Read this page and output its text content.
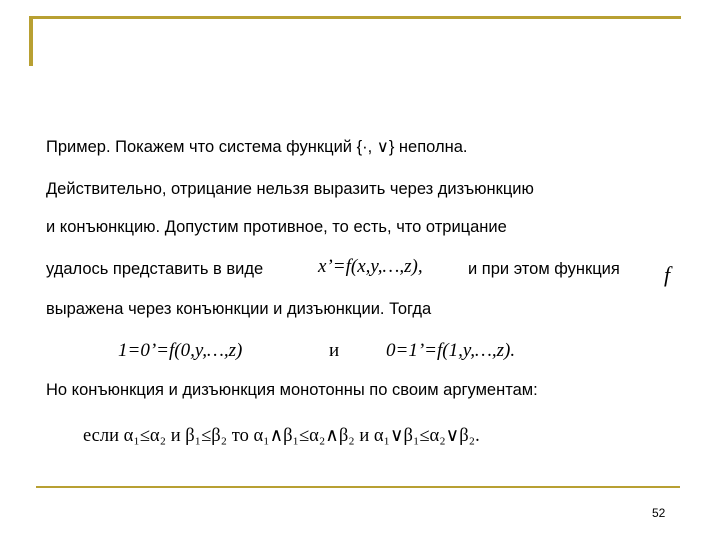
Пример. Покажем что система функций {·, ∨} неполна.
Действительно, отрицание нельзя выразить через дизъюнкцию
и конъюнкцию. Допустим противное, то есть, что отрицание
удалось представить в виде	x’=f(x,y,…,z),	и при этом функция f
выражена через конъюнкции и дизъюнкции. Тогда
1=0’=f(0,y,…,z)	и 0=1’=f(1,y,…,z).
Но конъюнкция и дизъюнкция монотонны по своим аргументам:
если α₁≤α₂ и β₁≤β₂ то α₁∧β₁≤α₂∧β₂ и α₁∨β₁≤α₂∨β₂.
52
